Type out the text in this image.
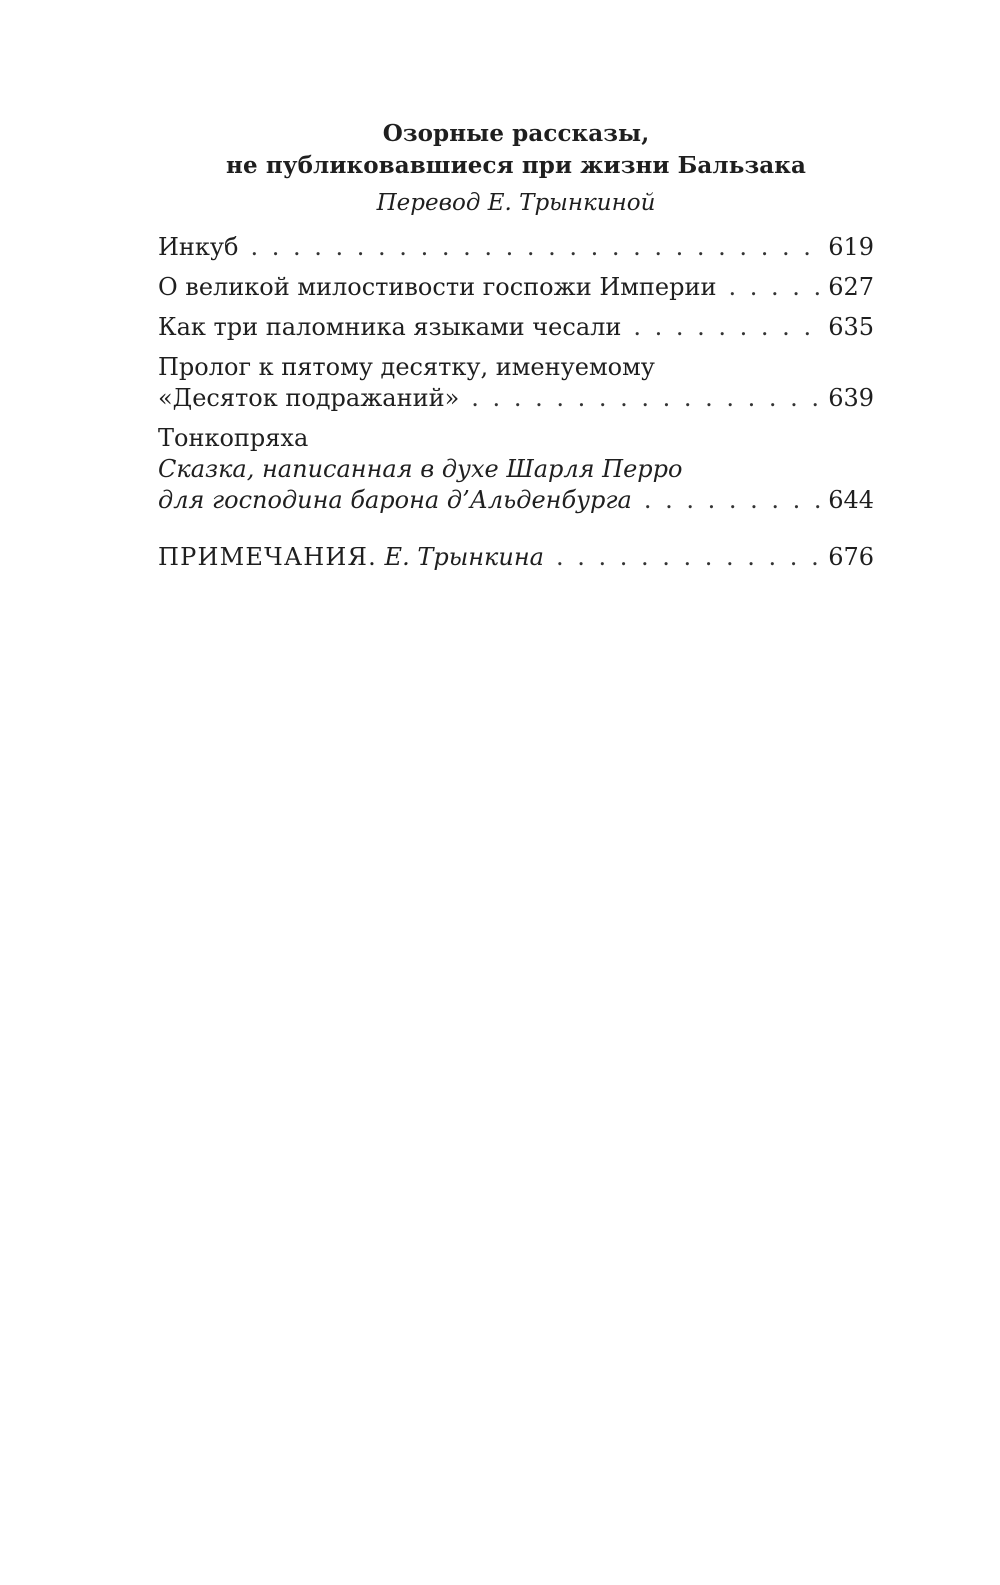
Озорные рассказы,
не публиковавшиеся при жизни Бальзака
Перевод Е. Трынкиной
Инкуб . . .	619
О великой милостивости госпожи Империи . . .	627
Как три паломника языками чесали . . .	635
Пролог к пятому десятку, именуемому
«Десяток подражаний» . . .	639
Тонкопряха
Сказка, написанная в духе Шарля Перро
для господина барона д’Альденбурга . . .	644
ПРИМЕЧАНИЯ. Е. Трынкина . . .	676
